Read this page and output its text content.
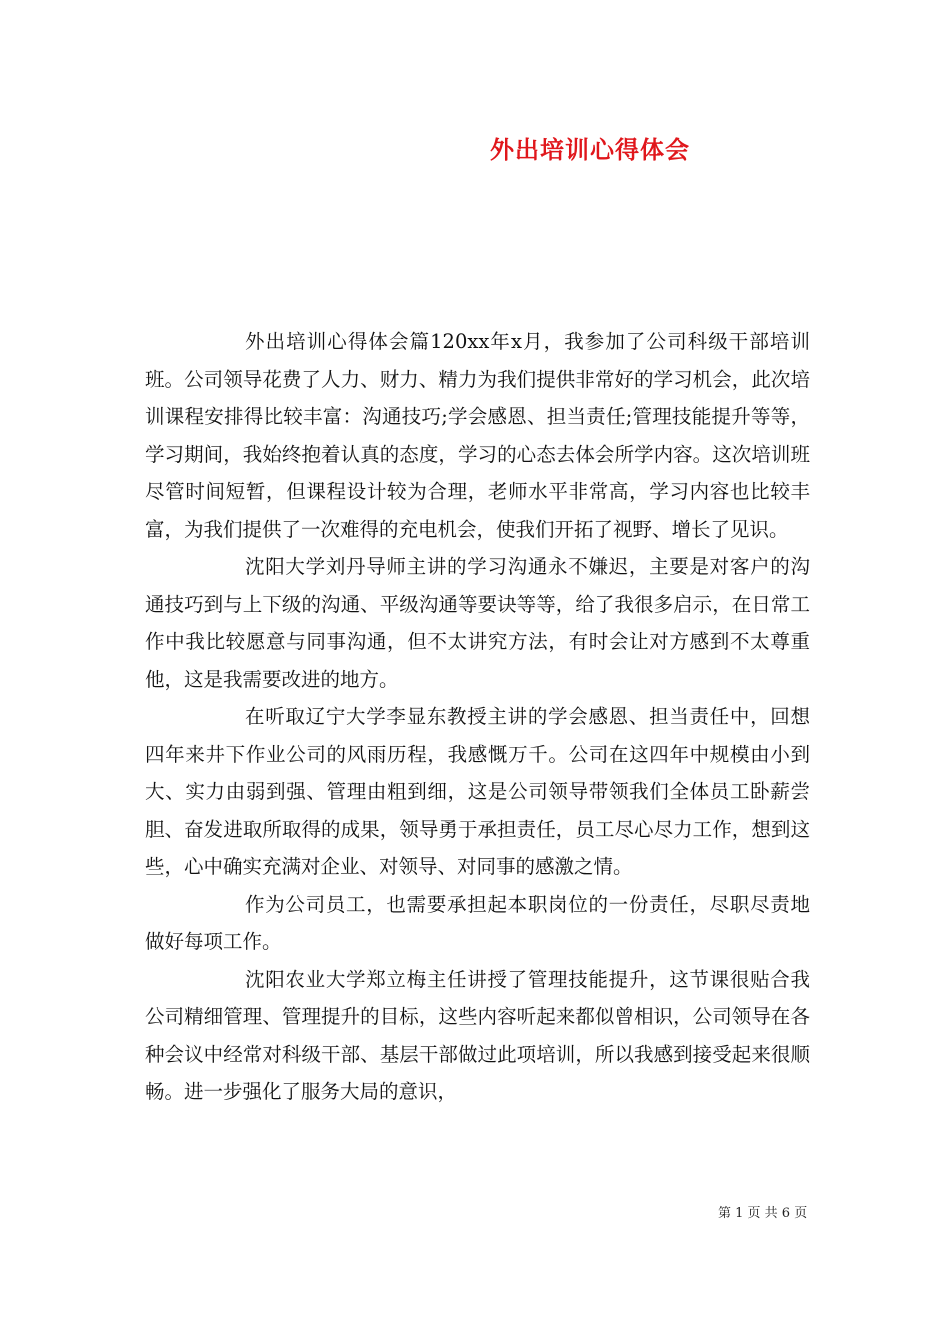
外出培训心得体会

外出培训心得体会篇120xx年x月，我参加了公司科级干部培训班。公司领导花费了人力、财力、精力为我们提供非常好的学习机会，此次培训课程安排得比较丰富：沟通技巧;学会感恩、担当责任;管理技能提升等等，学习期间，我始终抱着认真的态度，学习的心态去体会所学内容。这次培训班尽管时间短暂，但课程设计较为合理，老师水平非常高，学习内容也比较丰富，为我们提供了一次难得的充电机会，使我们开拓了视野、增长了见识。

沈阳大学刘丹导师主讲的学习沟通永不嫌迟，主要是对客户的沟通技巧到与上下级的沟通、平级沟通等要诀等等，给了我很多启示，在日常工作中我比较愿意与同事沟通，但不太讲究方法，有时会让对方感到不太尊重他，这是我需要改进的地方。

在听取辽宁大学李显东教授主讲的学会感恩、担当责任中，回想四年来井下作业公司的风雨历程，我感慨万千。公司在这四年中规模由小到大、实力由弱到强、管理由粗到细，这是公司领导带领我们全体员工卧薪尝胆、奋发进取所取得的成果，领导勇于承担责任，员工尽心尽力工作，想到这些，心中确实充满对企业、对领导、对同事的感激之情。

作为公司员工，也需要承担起本职岗位的一份责任，尽职尽责地做好每项工作。

沈阳农业大学郑立梅主任讲授了管理技能提升，这节课很贴合我公司精细管理、管理提升的目标，这些内容听起来都似曾相识，公司领导在各种会议中经常对科级干部、基层干部做过此项培训，所以我感到接受起来很顺畅。进一步强化了服务大局的意识，

第 1 页 共 6 页
